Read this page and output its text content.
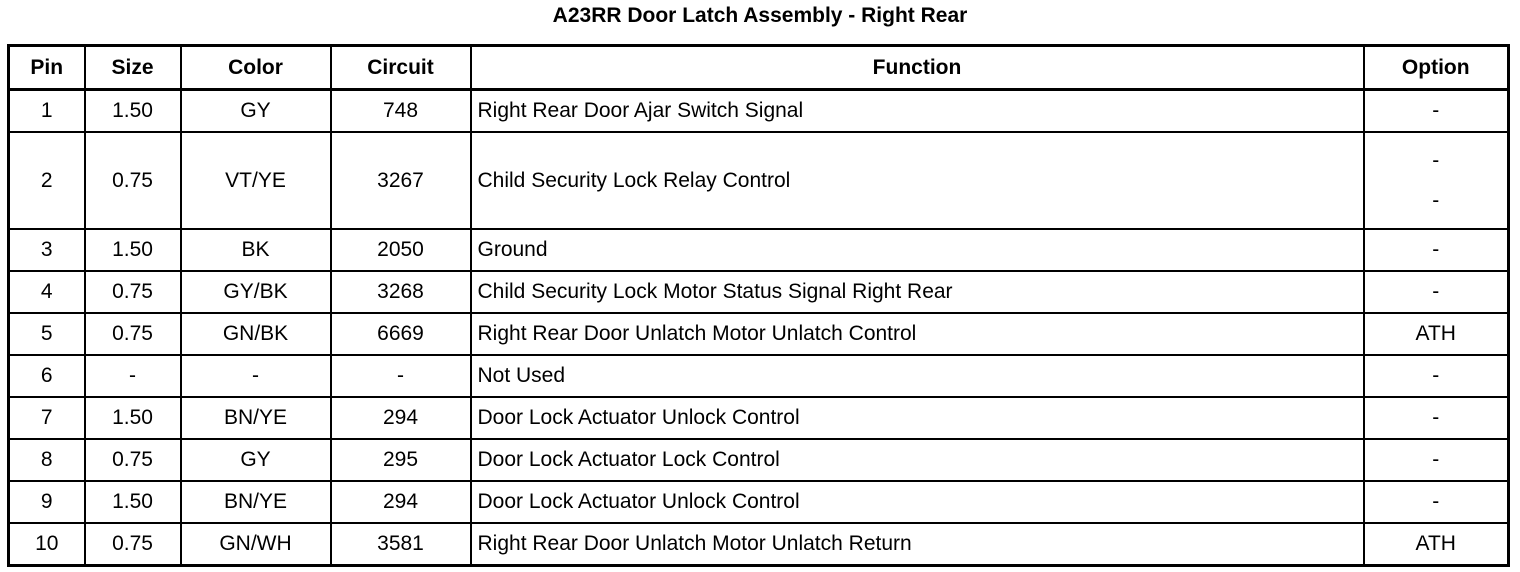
A23RR Door Latch Assembly - Right Rear
Pin	Size	Color	Circuit	Function	Option
1	1.50	GY	748	Right Rear Door Ajar Switch Signal	-
2	0.75	VT/YE	3267	Child Security Lock Relay Control	-
-

3	1.50	BK	2050	Ground	-
4	0.75	GY/BK	3268	Child Security Lock Motor Status Signal Right Rear	-
5	0.75	GN/BK	6669	Right Rear Door Unlatch Motor Unlatch Control	ATH
6	-	-	-	Not Used	-
7	1.50	BN/YE	294	Door Lock Actuator Unlock Control	-
8	0.75	GY	295	Door Lock Actuator Lock Control	-
9	1.50	BN/YE	294	Door Lock Actuator Unlock Control	-
10	0.75	GN/WH	3581	Right Rear Door Unlatch Motor Unlatch Return	ATH
